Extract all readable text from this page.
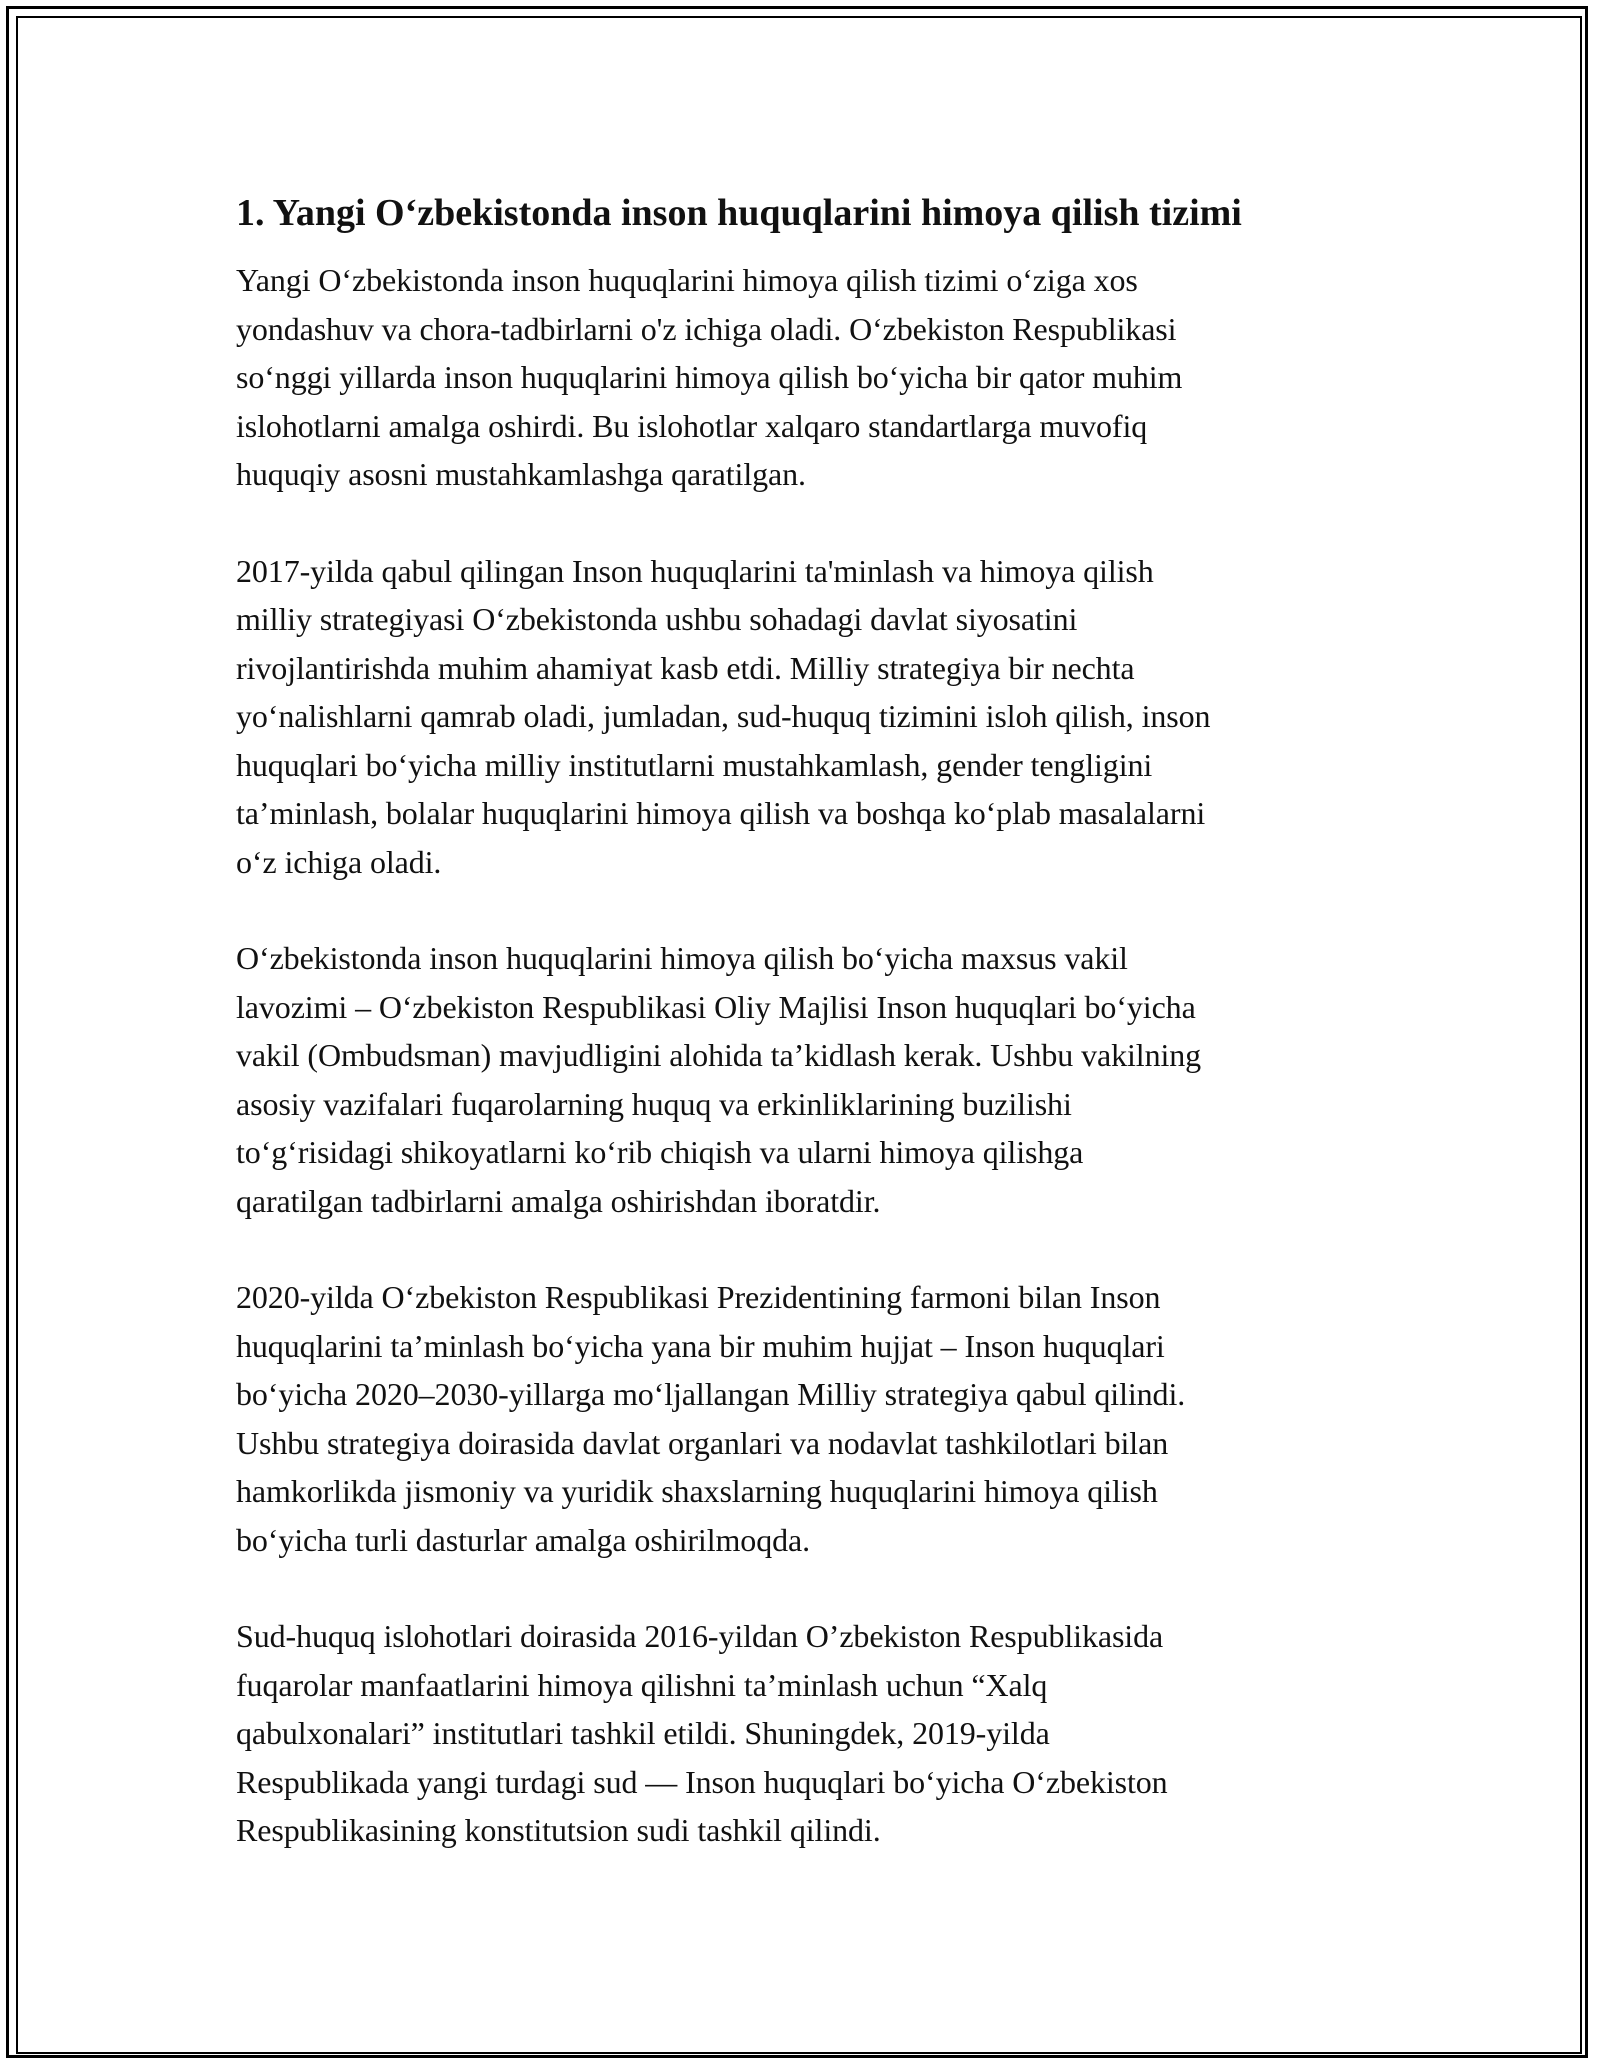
1. Yangi O‘zbekistonda inson huquqlarini himoya qilish tizimi

Yangi O‘zbekistonda inson huquqlarini himoya qilish tizimi o‘ziga xos
yondashuv va chora-tadbirlarni o'z ichiga oladi. O‘zbekiston Respublikasi
so‘nggi yillarda inson huquqlarini himoya qilish bo‘yicha bir qator muhim
islohotlarni amalga oshirdi. Bu islohotlar xalqaro standartlarga muvofiq
huquqiy asosni mustahkamlashga qaratilgan.

2017-yilda qabul qilingan Inson huquqlarini ta'minlash va himoya qilish
milliy strategiyasi O‘zbekistonda ushbu sohadagi davlat siyosatini
rivojlantirishda muhim ahamiyat kasb etdi. Milliy strategiya bir nechta
yo‘nalishlarni qamrab oladi, jumladan, sud-huquq tizimini isloh qilish, inson
huquqlari bo‘yicha milliy institutlarni mustahkamlash, gender tengligini
ta’minlash, bolalar huquqlarini himoya qilish va boshqa ko‘plab masalalarni
o‘z ichiga oladi.

O‘zbekistonda inson huquqlarini himoya qilish bo‘yicha maxsus vakil
lavozimi – O‘zbekiston Respublikasi Oliy Majlisi Inson huquqlari bo‘yicha
vakil (Ombudsman) mavjudligini alohida ta’kidlash kerak. Ushbu vakilning
asosiy vazifalari fuqarolarning huquq va erkinliklarining buzilishi
to‘g‘risidagi shikoyatlarni ko‘rib chiqish va ularni himoya qilishga
qaratilgan tadbirlarni amalga oshirishdan iboratdir.

2020-yilda O‘zbekiston Respublikasi Prezidentining farmoni bilan Inson
huquqlarini ta’minlash bo‘yicha yana bir muhim hujjat – Inson huquqlari
bo‘yicha 2020–2030-yillarga mo‘ljallangan Milliy strategiya qabul qilindi.
Ushbu strategiya doirasida davlat organlari va nodavlat tashkilotlari bilan
hamkorlikda jismoniy va yuridik shaxslarning huquqlarini himoya qilish
bo‘yicha turli dasturlar amalga oshirilmoqda.

Sud-huquq islohotlari doirasida 2016-yildan O’zbekiston Respublikasida
fuqarolar manfaatlarini himoya qilishni ta’minlash uchun “Xalq
qabulxonalari” institutlari tashkil etildi. Shuningdek, 2019-yilda
Respublikada yangi turdagi sud — Inson huquqlari bo‘yicha O‘zbekiston
Respublikasining konstitutsion sudi tashkil qilindi.
